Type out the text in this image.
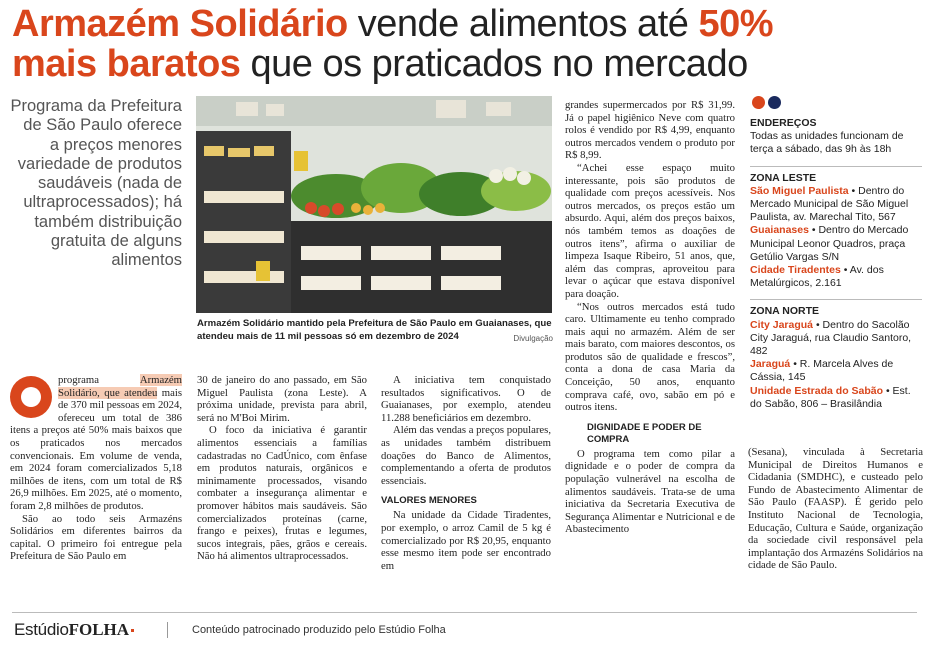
Armazém Solidário vende alimentos até 50%
mais baratos que os praticados no mercado
Programa da Prefeitura de São Paulo oferece a preços menores variedade de produtos saudáveis (nada de ultraprocessados); há também distribuição gratuita de alguns alimentos
Armazém Solidário mantido pela Prefeitura de São Paulo em Guaianases, que atendeu mais de 11 mil pessoas só em dezembro de 2024	Divulgação

programa Armazém Solidário, que atendeu mais de 370 mil pessoas em 2024, ofereceu um total de 386 itens a preços até 50% mais baixos que os praticados nos mercados convencionais. Em volume de venda, em 2024 foram comercializados 5,18 milhões de itens, com um total de R$ 26,9 milhões. Em 2025, até o momento, foram 2,8 milhões de produtos.

São ao todo seis Armazéns Solidários em diferentes bairros da capital. O primeiro foi entregue pela Prefeitura de São Paulo em

30 de janeiro do ano passado, em São Miguel Paulista (zona Leste). A próxima unidade, prevista para abril, será no M'Boi Mirim.

O foco da iniciativa é garantir alimentos essenciais a famílias cadastradas no CadÚnico, com ênfase em produtos naturais, orgânicos e minimamente processados, visando combater a insegurança alimentar e promover hábitos mais saudáveis. São comercializados proteínas (carne, frango e peixes), frutas e legumes, sucos integrais, pães, grãos e cereais. Não há alimentos ultraprocessados.

A iniciativa tem conquistado resultados significativos. O de Guaianases, por exemplo, atendeu 11.288 beneficiários em dezembro.

Além das vendas a preços populares, as unidades também distribuem doações do Banco de Alimentos, complementando a oferta de produtos essenciais.

VALORES MENORES

Na unidade da Cidade Tiradentes, por exemplo, o arroz Camil de 5 kg é comercializado por R$ 20,95, enquanto esse mesmo item pode ser encontrado em

grandes supermercados por R$ 31,99. Já o papel higiênico Neve com quatro rolos é vendido por R$ 4,99, enquanto outros mercados vendem o produto por R$ 8,99.

“Achei esse espaço muito interessante, pois são produtos de qualidade com preços acessíveis. Nos outros mercados, os preços estão um absurdo. Aqui, além dos preços baixos, nós também temos as doações de outros itens”, afirma o auxiliar de limpeza Isaque Ribeiro, 51 anos, que, além das compras, aproveitou para levar o açúcar que estava disponível para doação.

“Nos outros mercados está tudo caro. Ultimamente eu tenho comprado mais aqui no armazém. Além de ser mais barato, com maiores descontos, os produtos são de qualidade e frescos”, conta a dona de casa Maria da Conceição, 50 anos, enquanto comprava café, ovo, sabão em pó e outros itens.

DIGNIDADE E PODER DE COMPRA

O programa tem como pilar a dignidade e o poder de compra da população vulnerável na escolha de alimentos saudáveis. Trata-se de uma iniciativa da Secretaria Executiva de Segurança Alimentar e Nutricional e de Abastecimento

ENDEREÇOS
Todas as unidades funcionam de terça a sábado, das 9h às 18h
ZONA LESTE
São Miguel Paulista • Dentro do Mercado Municipal de São Miguel Paulista, av. Marechal Tito, 567
Guaianases • Dentro do Mercado Municipal Leonor Quadros, praça Getúlio Vargas S/N
Cidade Tiradentes • Av. dos Metalúrgicos, 2.161
ZONA NORTE
City Jaraguá • Dentro do Sacolão City Jaraguá, rua Claudio Santoro, 482
Jaraguá • R. Marcela Alves de Cássia, 145
Unidade Estrada do Sabão • Est. do Sabão, 806 – Brasilândia

(Sesana), vinculada à Secretaria Municipal de Direitos Humanos e Cidadania (SMDHC), e custeado pelo Fundo de Abastecimento Alimentar de São Paulo (FAASP). É gerido pelo Instituto Nacional de Tecnologia, Educação, Cultura e Saúde, organização da sociedade civil responsável pela implantação dos Armazéns Solidários na cidade de São Paulo.

EstúdioFOLHA	Conteúdo patrocinado produzido pelo Estúdio Folha
